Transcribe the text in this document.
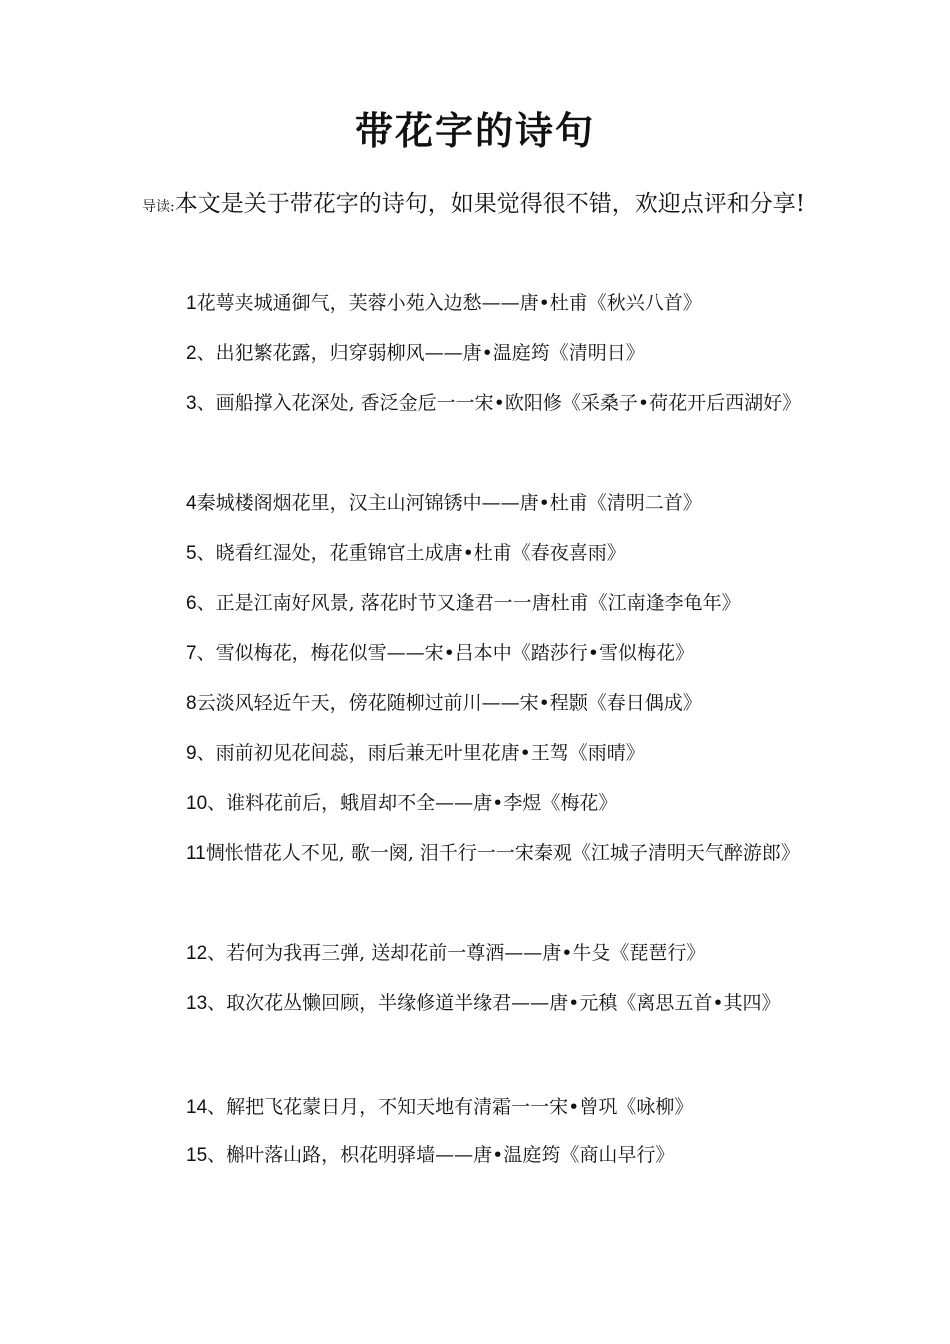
带花字的诗句

导读:本文是关于带花字的诗句，如果觉得很不错，欢迎点评和分享!

1花萼夹城通御气，芙蓉小苑入边愁——唐•杜甫《秋兴八首》
2、出犯繁花露，归穿弱柳风——唐•温庭筠《清明日》
3、画船撑入花深处, 香泛金卮一一宋•欧阳修《采桑子•荷花开后西湖好》
4秦城楼阁烟花里，汉主山河锦锈中——唐•杜甫《清明二首》
5、晓看红湿处，花重锦官土成唐•杜甫《春夜喜雨》
6、正是江南好风景, 落花时节又逢君一一唐杜甫《江南逢李龟年》
7、雪似梅花，梅花似雪——宋•吕本中《踏莎行•雪似梅花》
8云淡风轻近午天，傍花随柳过前川——宋•程颢《春日偶成》
9、雨前初见花间蕊，雨后兼无叶里花唐•王驾《雨晴》
10、谁料花前后，蛾眉却不全——唐•李煜《梅花》
11惆怅惜花人不见, 歌一阕, 泪千行一一宋秦观《江城子清明天气醉游郎》
12、若何为我再三弹, 送却花前一尊酒——唐•牛殳《琵琶行》
13、取次花丛懒回顾，半缘修道半缘君——唐•元稹《离思五首•其四》
14、解把飞花蒙日月，不知天地有清霜一一宋•曾巩《咏柳》
15、槲叶落山路，枳花明驿墙——唐•温庭筠《商山早行》
